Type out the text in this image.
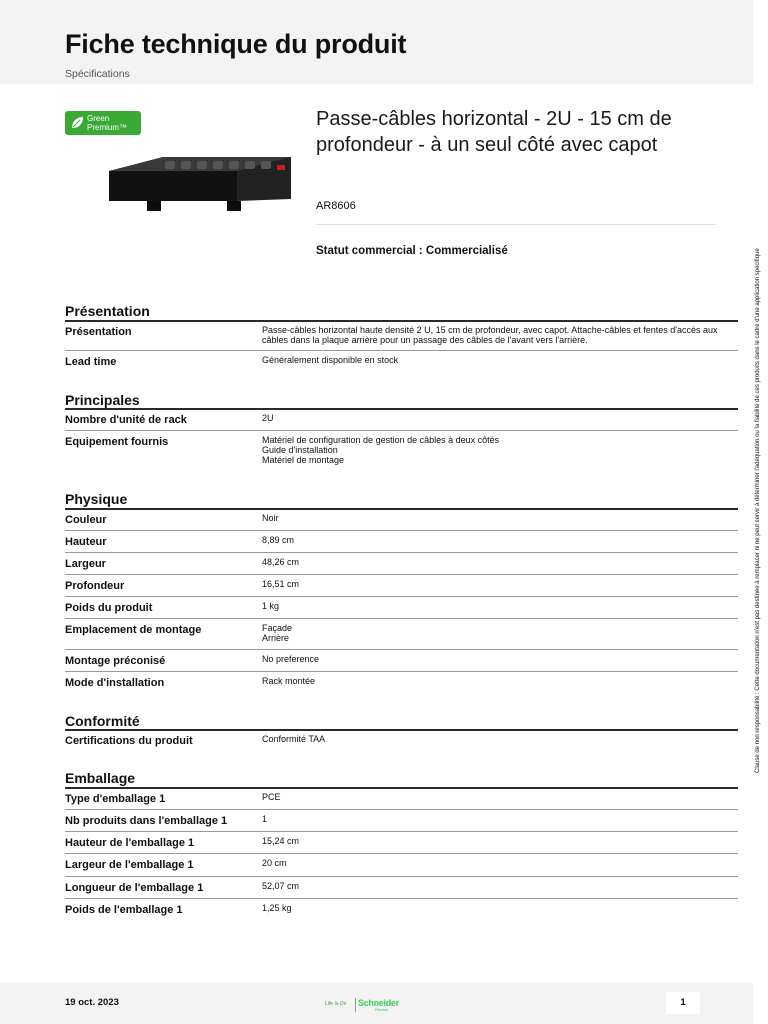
Fiche technique du produit
Spécifications
Green
Premium™	Passe-câbles horizontal - 2U - 15 cm de profondeur - à un seul côté avec capot
AR8606
Statut commercial : Commercialisé
Présentation
Présentation	Passe-câbles horizontal haute densité 2 U, 15 cm de profondeur, avec capot. Attache-câbles et fentes d'accès aux câbles dans la plaque arrière pour un passage des câbles de l'avant vers l'arrière.
Lead time	Généralement disponible en stock
Principales
Nombre d'unité de rack	2U
Equipement fournis	Matériel de configuration de gestion de câbles à deux côtés
Guide d'installation
Matériel de montage
Physique
Couleur	Noir
Hauteur	8,89 cm
Largeur	48,26 cm
Profondeur	16,51 cm
Poids du produit	1 kg
Emplacement de montage	Façade
Arrière
Montage préconisé	No preference
Mode d'installation	Rack montée
Conformité
Certifications du produit	Conformité TAA
Emballage
Type d'emballage 1	PCE
Nb produits dans l'emballage 1	1
Hauteur de l'emballage 1	15,24 cm
Largeur de l'emballage 1	20 cm
Longueur de l'emballage 1	52,07 cm
Poids de l'emballage 1	1,25 kg
Clause de non responsabilité : Cette documentation n'est pas destinée à remplacer ni ne peut servir à déterminer l'adéquation ou la fiabilité de ces produits dans le cadre d'une application spécifique
19 oct. 2023	Life Is On Schneider
Electric
1
